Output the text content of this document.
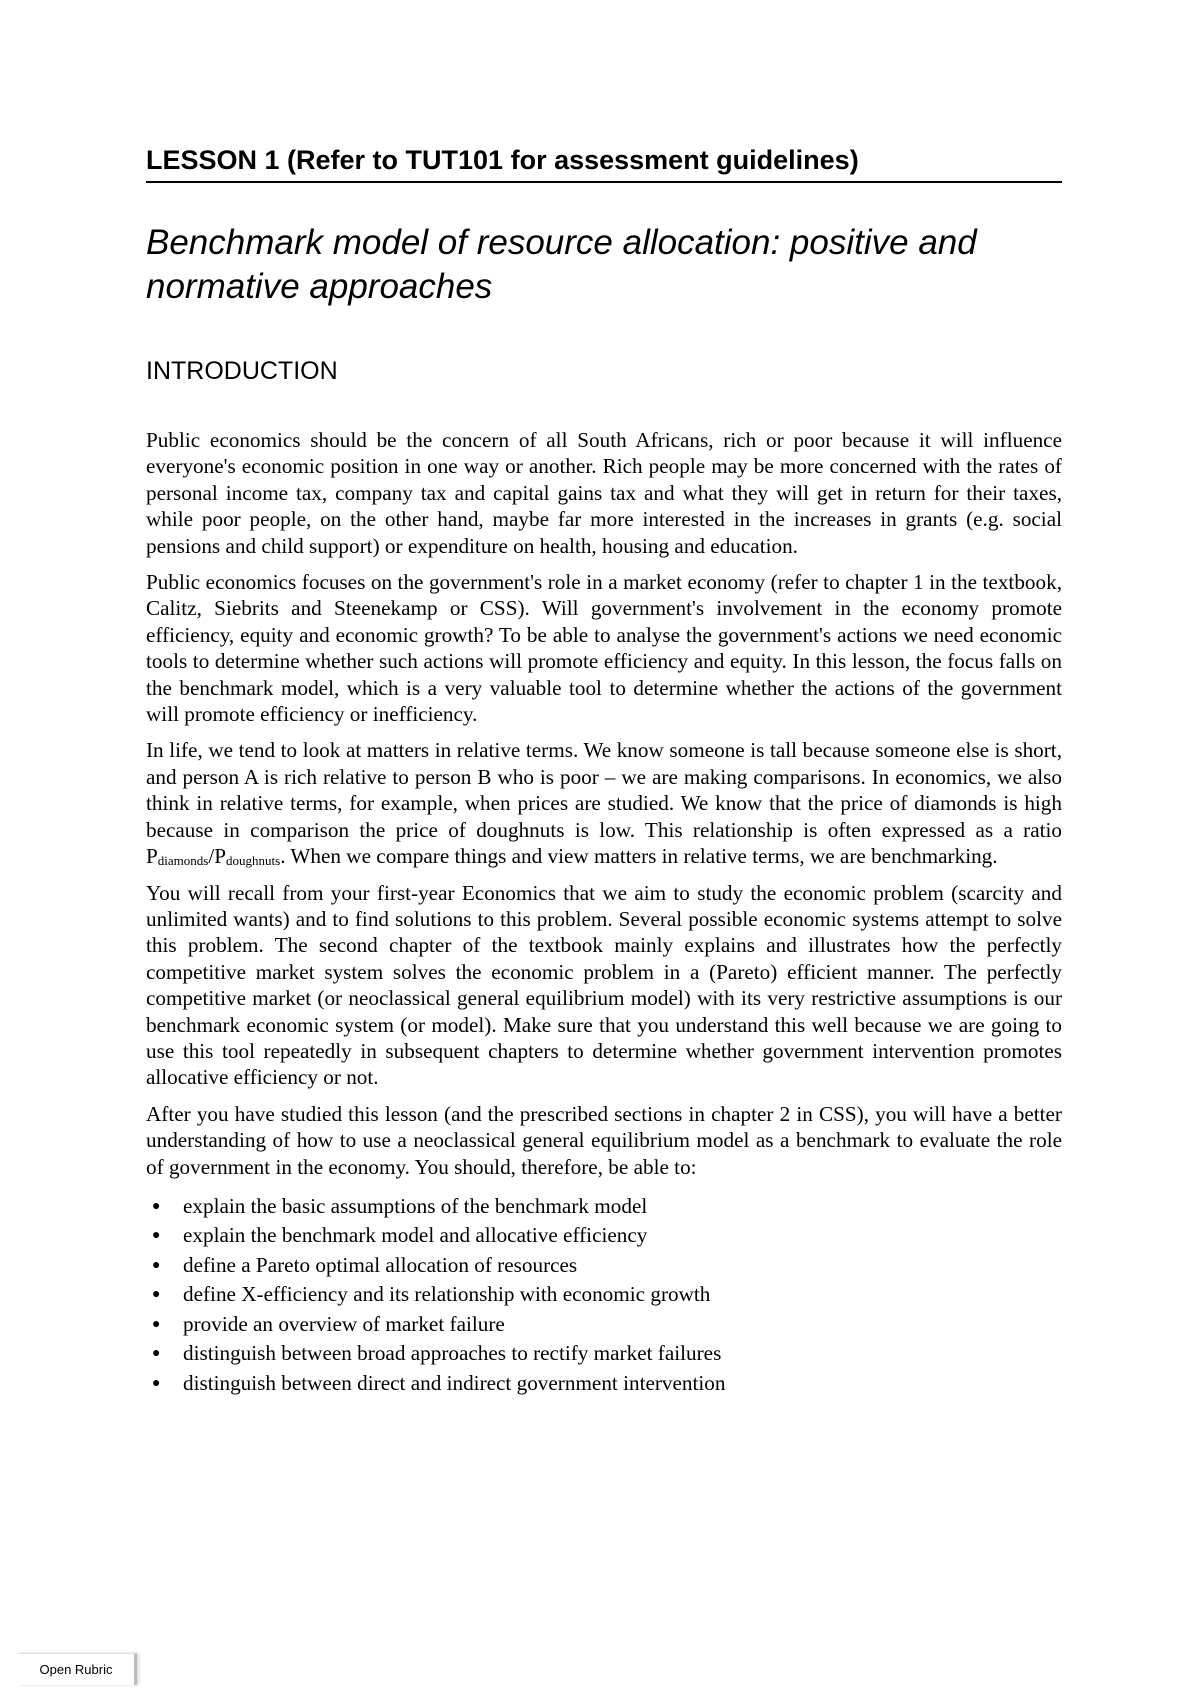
LESSON 1 (Refer to TUT101 for assessment guidelines)
Benchmark model of resource allocation: positive and normative approaches
INTRODUCTION

Public economics should be the concern of all South Africans, rich or poor because it will influence everyone's economic position in one way or another. Rich people may be more concerned with the rates of personal income tax, company tax and capital gains tax and what they will get in return for their taxes, while poor people, on the other hand, maybe far more interested in the increases in grants (e.g. social pensions and child support) or expenditure on health, housing and education.

Public economics focuses on the government's role in a market economy (refer to chapter 1 in the textbook, Calitz, Siebrits and Steenekamp or CSS). Will government's involvement in the economy promote efficiency, equity and economic growth? To be able to analyse the government's actions we need economic tools to determine whether such actions will promote efficiency and equity. In this lesson, the focus falls on the benchmark model, which is a very valuable tool to determine whether the actions of the government will promote efficiency or inefficiency.

In life, we tend to look at matters in relative terms. We know someone is tall because someone else is short, and person A is rich relative to person B who is poor – we are making comparisons. In economics, we also think in relative terms, for example, when prices are studied. We know that the price of diamonds is high because in comparison the price of doughnuts is low. This relationship is often expressed as a ratio Pdiamonds/Pdoughnuts. When we compare things and view matters in relative terms, we are benchmarking.

You will recall from your first-year Economics that we aim to study the economic problem (scarcity and unlimited wants) and to find solutions to this problem. Several possible economic systems attempt to solve this problem. The second chapter of the textbook mainly explains and illustrates how the perfectly competitive market system solves the economic problem in a (Pareto) efficient manner. The perfectly competitive market (or neoclassical general equilibrium model) with its very restrictive assumptions is our benchmark economic system (or model). Make sure that you understand this well because we are going to use this tool repeatedly in subsequent chapters to determine whether government intervention promotes allocative efficiency or not.

After you have studied this lesson (and the prescribed sections in chapter 2 in CSS), you will have a better understanding of how to use a neoclassical general equilibrium model as a benchmark to evaluate the role of government in the economy. You should, therefore, be able to:

● explain the basic assumptions of the benchmark model
● explain the benchmark model and allocative efficiency
● define a Pareto optimal allocation of resources
● define X-efficiency and its relationship with economic growth
● provide an overview of market failure
● distinguish between broad approaches to rectify market failures
● distinguish between direct and indirect government intervention
Open Rubric
